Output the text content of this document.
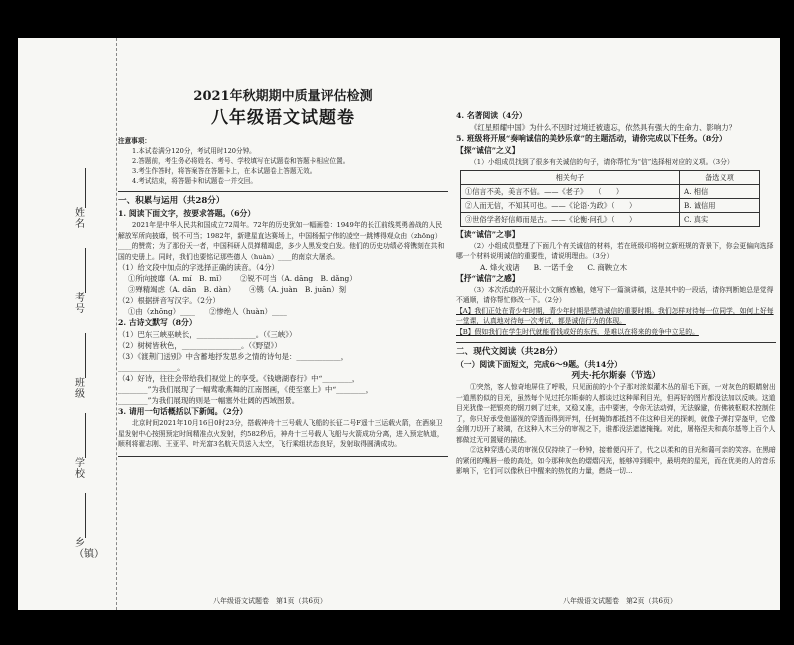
姓名
考号
班级
学校
乡（镇）
2021年秋期期中质量评估检测
八年级语文试题卷
注意事项：
1.本试卷满分120分，考试用时120分钟。
2.答题前，考生务必将姓名、考号、学校填写在试题卷和答题卡相应位置。
3.考生作答时，将答案答在答题卡上，在本试题卷上答题无效。
4.考试结束，将答题卡和试题卷一并交回。
一、积累与运用（共28分）
1. 阅读下面文字，按要求答题。（6分）

2021年是中华人民共和国成立72周年。72年的历史犹如一幅画卷：1949年的长江前线英勇善战的人民解放军所向披靡，锐不可当；1982年，新建星直达赛场上，中国杨振宁伟的凌空一跳博得观众由（zhōng）____的赞赏；为了那份天一者，中国科研人员掸精竭虑，多少人黑发变白发。他们的历史功绩必将镌刻在共和国的史册上。同时，我们也要铭记那些德人（huàn）____的南京大屠杀。

（1）给文段中加点的字选择正确的读音。（4分）
①所向披靡（A. mí　B. mǐ） ②锐不可当（A. dāng　B. dǎng）
③殚精竭虑（A. dān　B. dàn） ④镌（A. juàn　B. juān）刻
（2）根据拼音写汉字。（2分）
①由（zhōng）____ ②惨绝人（huàn）____
2. 古诗文默写（8分）
（1）巴东三峡巫峡长，________________。（《三峡》）
（2）树树皆秋色，________________。（《野望》）
（3）《渡荆门送别》中含蓄地抒发思乡之情的诗句是：____________，
________________。
（4）好诗，往往会带给我们视觉上的享受。《钱塘湖春行》中“________，
________”为我们展现了一幅莺歌燕舞的江南图画，《使至塞上》中“________，
________”为我们展现的则是一幅塞外壮阔的西域图景。
3. 请用一句话概括以下新闻。（2分）

北京时间2021年10月16日0时23分，搭载神舟十三号载人飞船的长征二号F遥十三运载火箭，在酒泉卫星发射中心按照预定时间精准点火发射，约582秒后，神舟十三号载人飞船与火箭成功分离，进入预定轨道，顺利将翟志刚、王亚平、叶光富3名航天员送入太空，飞行乘组状态良好，发射取得圆满成功。

4. 名著阅读（4分）
《红星照耀中国》为什么不因时过境迁被遗忘，依然具有强大的生命力、影响力？
5. 班级将开展“奏响诚信的美妙乐章”的主题活动，请你完成以下任务。（8分）
【探“诚信”之义】
（1）小组成员找到了很多有关诚信的句子，请你帮忙为“信”选择相对应的义项。（3分）
相关句子	备选义项
①信言不美，美言不信。——《老子》　　（　　）	A. 相信
②人而无信，不知其可也。——《论语·为政》（　　）	B. 诚信用
③世俗学者好信师而是古。——《论衡·问孔》（　　）	C. 真实
【读“诚信”之事】
（2）小组成员整理了下面几个有关诚信的材料，若在班级印将树立新班规的背景下，你会更偏向选择哪一个材料说明诚信的重要性，请说明理由。（3分）
A. 烽火戏诸 B. 一诺千金 C. 商鞅立木
【抒“诚信”之感】
（3）本次活动的开展让小文颇有感触，她写下一篇演讲稿，这是其中的一段话，请你判断她总是觉得不通顺，请你帮忙修改一下。（2分）
【A】我们正处在青少年时期，青少年时期是塑造诚信的重要时期。我们怎样对待每一位同学，如何上好每一堂课，认真地对待每一次考试，都是诚信行为的体现。
【B】假如我们在学生时代就能看钱或好的东西，是难以在将来的竞争中立足的。
二、现代文阅读（共28分）
（一）阅读下面短文，完成6～9题。（共14分）
列夫·托尔斯泰（节选）

①突然，客人惊奇地屏住了呼吸，只见面前的小个子那对浓似灌木丛的眉毛下面，一对灰色的眼睛射出一道黑豹似的目光，虽然每个见过托尔斯泰的人都谈过这种犀利目光，但再好的图片都没法加以反映。这道目光犹像一把银亮的钢刀刺了过来，又稳又准，击中要害，令你无法动弹，无法躲避，仿佛被枢眼术控制住了，你只好承受他逼视的穿透而得到评判，任何掩饰都抵挡不住这种目光的探刺，就像子弹打穿盔甲，它像金刚刀切开了玻璃，在这种入木三分的审视之下，谁都没法遮遮掩掩。对此，屠格涅夫和高尔基等上百个人都做过无可置疑的描述。

②这种穿透心灵的审视仅仅持续了一秒钟，接着便闪开了，代之以柔和的目光和蔼可亲的笑容。在黑暗的紧闭的嘴唇一般的高处，如今那种灰色的熠熠闪光，能够冲到眼中，最明亮的星光，而在优美的人的音乐影响下，它们可以像秋日中醒来的热忱的力量，燃烧一切...

八年级语文试题卷　第1页（共6页）	八年级语文试题卷　第2页（共6页）
